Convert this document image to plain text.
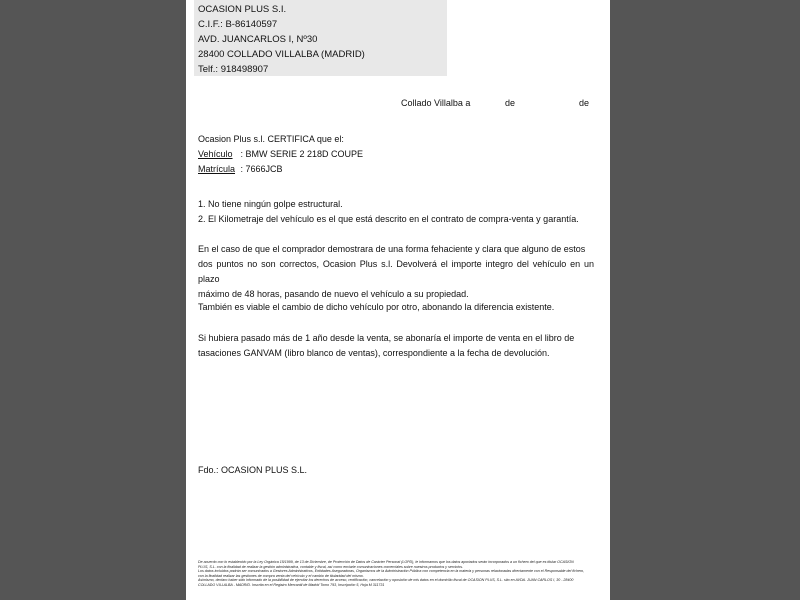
OCASION PLUS S.I.
C.I.F.: B-86140597
AVD. JUANCARLOS I, Nº30
28400 COLLADO VILLALBA (MADRID)
Telf.: 918498907
Collado Villalba a	de	de
Ocasion Plus s.l. CERTIFICA que el:
Vehículo : BMW SERIE 2 218D COUPE
Matrícula : 7666JCB
1. No tiene ningún golpe estructural.
2. El Kilometraje del vehículo es el que está descrito en el contrato de compra-venta y garantía.
En el caso de que el comprador demostrara de una forma fehaciente y clara que alguno de estos
dos puntos no son correctos, Ocasion Plus s.l. Devolverá el importe integro del vehículo en un plazo
máximo de 48 horas, pasando de nuevo el vehículo a su propiedad.
También es viable el cambio de dicho vehículo por otro, abonando la diferencia existente.
Si hubiera pasado más de 1 año desde la venta, se abonaría el importe de venta en el libro de
tasaciones GANVAM (libro blanco de ventas), correspondiente a la fecha de devolución.
Fdo.: OCASION PLUS S.L.
De acuerdo con lo establecido por la Ley Orgánica 15/1999, de 13 de Diciembre, de Protección de Datos de Carácter Personal (LOPD), le informamos que los datos aportados serán incorporados a un fichero del que es titular OCASIÓN
PLUS, S.L. con la finalidad de realizar la gestión administrativa, contable y fiscal, así como enviarle comunicaciones comerciales sobre nuestros productos y servicios.
Los datos incluidos podrán ser comunicados a Gestores Administrativos, Entidades Aseguradoras, Organismos de la Administración Pública con competencia en la materia y personas relacionadas directamente con el Responsable del fichero,
con la finalidad realizar las gestiones de compra venta del vehículo y el cambio de titularidad del mismo.
Asimismo, declaro haber sido informado de la posibilidad de ejercitar los derechos de acceso, rectificación, cancelación y oposición de mis datos en el domicilio fiscal de OCASIÓN PLUS, S.L. sito en AVDA. JUAN CARLOS I, 30 - 28400
COLLADO VILLALBA - MADRID. Inscrita en el Registro Mercantil de Madrid Tomo 793, Inscripción 5, Hoja M 311731
